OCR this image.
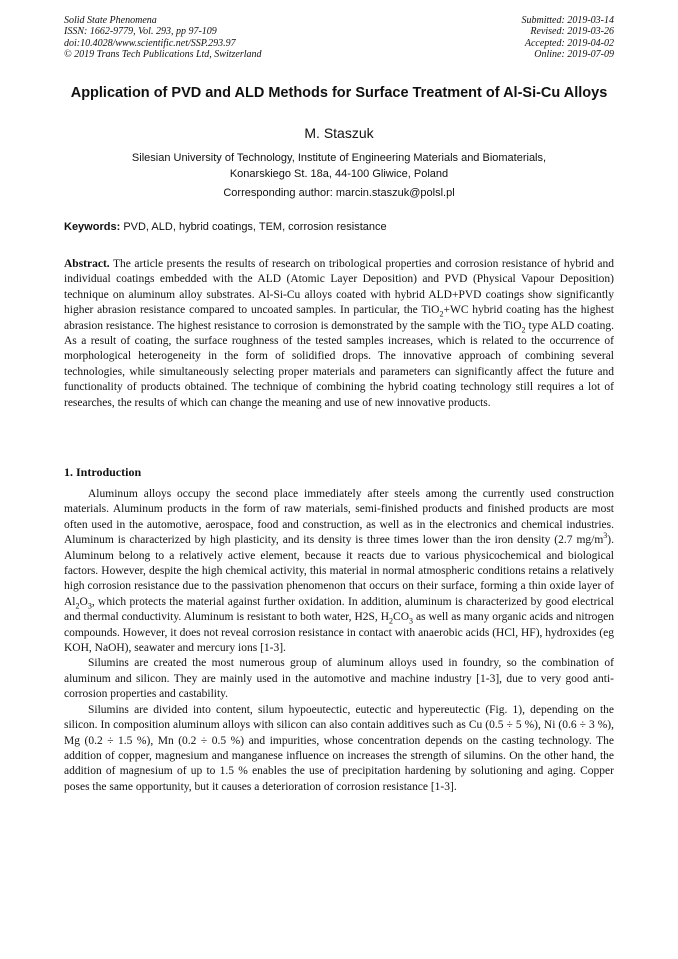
Solid State Phenomena
ISSN: 1662-9779, Vol. 293, pp 97-109
doi:10.4028/www.scientific.net/SSP.293.97
© 2019 Trans Tech Publications Ltd, Switzerland
Submitted: 2019-03-14
Revised: 2019-03-26
Accepted: 2019-04-02
Online: 2019-07-09
Application of PVD and ALD Methods for Surface Treatment of Al-Si-Cu Alloys
M. Staszuk
Silesian University of Technology, Institute of Engineering Materials and Biomaterials,
Konarskiego St. 18a, 44-100 Gliwice, Poland
Corresponding author: marcin.staszuk@polsl.pl
Keywords: PVD, ALD, hybrid coatings, TEM, corrosion resistance

Abstract. The article presents the results of research on tribological properties and corrosion resistance of hybrid and individual coatings embedded with the ALD (Atomic Layer Deposition) and PVD (Physical Vapour Deposition) technique on aluminum alloy substrates. Al-Si-Cu alloys coated with hybrid ALD+PVD coatings show significantly higher abrasion resistance compared to uncoated samples. In particular, the TiO$_2$+WC hybrid coating has the highest abrasion resistance. The highest resistance to corrosion is demonstrated by the sample with the TiO$_2$ type ALD coating. As a result of coating, the surface roughness of the tested samples increases, which is related to the occurrence of morphological heterogeneity in the form of solidified drops. The innovative approach of combining several technologies, while simultaneously selecting proper materials and parameters can significantly affect the future and functionality of products obtained. The technique of combining the hybrid coating technology still requires a lot of researches, the results of which can change the meaning and use of new innovative products.

1. Introduction

Aluminum alloys occupy the second place immediately after steels among the currently used construction materials. Aluminum products in the form of raw materials, semi-finished products and finished products are most often used in the automotive, aerospace, food and construction, as well as in the electronics and chemical industries. Aluminum is characterized by high plasticity, and its density is three times lower than the iron density (2.7 $mg/m^3$). Aluminum belong to a relatively active element, because it reacts due to various physicochemical and biological factors. However, despite the high chemical activity, this material in normal atmospheric conditions retains a relatively high corrosion resistance due to the passivation phenomenon that occurs on their surface, forming a thin oxide layer of $Al_2O_3$, which protects the material against further oxidation. In addition, aluminum is characterized by good electrical and thermal conductivity. Aluminum is resistant to both water, H2S, $H_2CO_3$ as well as many organic acids and nitrogen compounds. However, it does not reveal corrosion resistance in contact with anaerobic acids (HCl, HF), hydroxides (eg KOH, NaOH), seawater and mercury ions [1-3].

Silumins are created the most numerous group of aluminum alloys used in foundry, so the combination of aluminum and silicon. They are mainly used in the automotive and machine industry [1-3], due to very good anti-corrosion properties and castability.

Silumins are divided into content, silum hypoeutectic, eutectic and hypereutectic (Fig. 1), depending on the silicon. In composition aluminum alloys with silicon can also contain additives such as Cu (0.5 ÷ 5 %), Ni (0.6 ÷ 3 %), Mg (0.2 ÷ 1.5 %), Mn (0.2 ÷ 0.5 %) and impurities, whose concentration depends on the casting technology. The addition of copper, magnesium and manganese influence on increases the strength of silumins. On the other hand, the addition of magnesium of up to 1.5 % enables the use of precipitation hardening by solutioning and aging. Copper poses the same opportunity, but it causes a deterioration of corrosion resistance [1-3].
